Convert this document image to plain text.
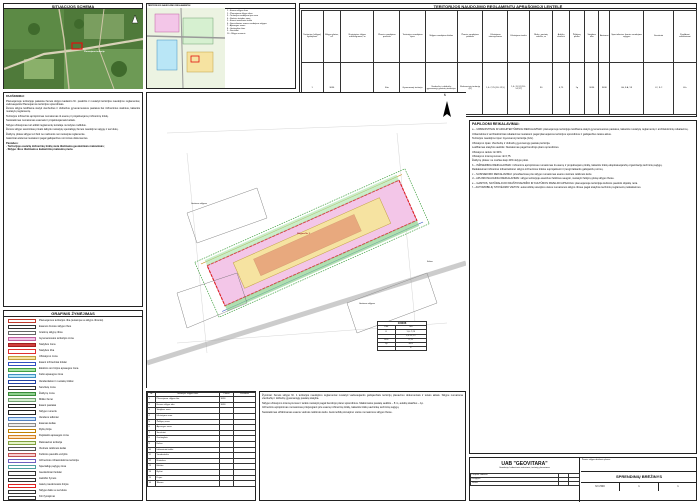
SITUACIJOS SCHEMA
Planuojama teritorija
TERITORIJOS NAUDOJIMO REGLAMENTAI
1 - Esama sklypo ribos
2 - Planuojamo sklypo ribos
3 - Teritorijos naudojimo tipo zona
4 - Statiniu statybos zona
5 - Esami inzineriniai tinklai
6 - Specialiosios zemes naudojimo salygos
7 - Apsaugos zonos
8 - Gretimybiu ribos
9 - Servitutai
10 - Sklypo numeris
TERITORIJOS NAUDOJIMO REGLAMENTŲ APRAŠOMOJI LENTELĖ
Teritorijos (sklypo) žymėjimas	Sklypo plotas, m²	Nustatytas sklypo aukštingumas, m	Žemės naudojimo paskirtis	Teritorijos naudojimo tipas	Sklypo naudojimo būdas	Žemės naudojimo pobūdis	Užstatymo intensyvumas	Užstatymo tankis	Maks. pastatų aukštis, m	Aukštų skaičius	Želdynų plotas	Statybos riba	Atstumai	Specialiosios žemės naudojimo sąlygos	Servitutai	Papildomi reikalavimai
1	3036		Kita	Gyvenamoji teritorija	Vienbučių ir dvibučių gyvenamųjų pastatų teritorijos	Rekreacinių teritorijų (R)	1,6–7,25 (18–12,5)	1,6–11,12 (18–14,37)	30	0,75	1p	3036	3036	I.A, II.A, VII	I.C, II.C	K/a
PAAIŠKINIMAI:
Planuojamoje teritorijoje pakeista žemės sklypo kadastro Nr. paskirtis ir nustatyti teritorijos naudojimo reglamentai, vadovaujantis Planuojamos teritorijos sprendiniais.
Žemės sklype leidžiama statyti vienbučius ir dvibučius gyvenamuosius pastatus bei inžinerinius statinius, laikantis nustatytų reglamentų.
Teritorijos inžinerinis aprūpinimas numatomas iš esamų ir projektuojamų inžinerinių tinklų.
Susisiekimas numatomas esamais ir projektuojamais keliais.
Sklypo užstatymas turi atitikti reglamentų lentelėje nurodytus rodiklius.
Žemės sklypo savininkas privalo laikytis nustatytų specialiųjų žemės naudojimo sąlygų ir servitutų.
Želdynų plotas sklype turi būti ne mažesnis nei nustatyta reglamente.
Gaisriniai atstumai nustatomi pagal galiojančius norminius dokumentus.
Pastabos:
- Teritorijoje esančių inžinerinių tinklų vieta tikslinama geodeziniais matavimais;
- Sklypo ribos tikslinamos kadastrinių matavimų metu.
GRAFINIS ŽYMĖJIMAS
Planuojamos teritorijos riba (sutampa su sklypo ribomis)
Esamos žemės sklypo ribos
Gretimų sklypų ribos
Gyvenamosios teritorijos zona
Statybos zona
Statybos riba
Užstatymo zona
Esami inžineriniai tinklai
Elektros oro linijos apsaugos zona
Kelio apsaugos zona
Vandentiekio ir nuotekų tinklai
Servitutų zona
Želdynų zona
Miško žemė
Esami pastatai
Sklypo numeris
Vandens telkiniai
Esamas kelias
Ryšių linija
Dujotiekio apsaugos zona
Rekreacinė teritorija
Vietinės reikšmės keliai
Kultūros paveldo vertybė
Inžinerinės infrastruktūros teritorija
Specialiųjų sąlygų zona
Geodeziniai ženklai
Aukščio žymės
Gatvių raudonosios linijos
Sklypo dalis su servitutu
Kiti žymėjimai
Š
Gretimas sklypas
Gretimas sklypas
Sklypas Nr. 1
Kelias
1/3036	
Kita	GG
K	1,6–7,25
	1,6–11,12
30%	0,75
1p	40%
	8
PAPILDOMI REIKALAVIMAI:
a – URBANISTINIAI IR ARCHITEKTŪRINIAI REIKALAVIMAI: planuojamoje teritorijoje leidžiama statyti gyvenamuosius pastatus, laikantis nustatytų reglamentų ir architektūrinių reikalavimų.
Urbanistiniai ir architektūriniai reikalavimai nustatomi pagal planuojamos teritorijos sprendinius ir galiojančius teisės aktus.
Teritorijos naudojimo tipai: Gyvenamoji teritorija (GG).
Užstatymo tipas: Vienbučių ir dvibučių gyvenamųjų pastatų teritorija.
Leidžiamas statybos aukštis: Nustatomas pagal bendrojo plano sprendinius.
Užstatymo tankis: iki 30%.
Užstatymo intensyvumas: iki 0,75.
Želdynų plotas: ne mažiau kaip 40% sklypo ploto.
b – INŽINERINIAI REIKALAVIMAI: inžinerinis aprūpinimas numatomas iš esamų ir projektuojamų tinklų, laikantis tinklų eksploatuojančių organizacijų techninių sąlygų.
Reikalavimai inžinerinei infrastruktūrai: sklypo inžinerinius tinklus suprojektuoti ir įrengti laikantis galiojančių normų.
c – SUSISIEKIMO REIKALAVIMAI: privažiavimas prie sklypo numatomas esamu vietinės reikšmės keliu.
d – APLINKOSAUGINIAI REIKALAVIMAI: sklypo teritorijoje esančius želdinius saugoti, nustatyti želdynų plotą sklypo ribose.
e – GAMTOS, NATŪRALIOJO KRAŠTOVAIZDŽIO IR KULTŪROS PAVELDO APSAUGA: planuojamoje teritorijoje kultūros paveldo objektų nėra.
f – AUTOMOBILIŲ STOVĖJIMO VIETOS: automobilių stovėjimo vietos numatomos sklypo ribose pagal statybos techninių reglamentų reikalavimus.
Nr.	Teritorijos sklypo ribos	Plotas	Pastabos
1	Planuojamo sklypo riba	3036	
2	Esamo sklypo riba	3036	
3	Statybos zona		
4	Užstatymo zona		
5	Želdynų zona		
6	Apsaugos zona		
7	Servitutai		
8	Gretimybės		
9	Kelias		
10	Inžineriniai tinklai		
11	Vandentiekis		
12	Nuotekos		
13	Elektra		
14	Ryšiai		
15	Dujos		
16	Šiluma		
Žyminiai: žemės sklypo Nr. 1 teritorijos naudojimo reglamentai nustatyti vadovaujantis galiojančiais teritorijų planavimo dokumentais ir teisės aktais. Sklype numatoma vienbučių ir dvibučių gyvenamųjų pastatų statyba.
Sklypo užstatymo intensyvumas ir tankis nustatyti pagal bendrojo plano sprendinius. Maksimalus pastatų aukštis – 8 m, aukštų skaičius – 1p.
Inžinerinis aprūpinimas numatomas prisijungiant prie esamų inžinerinių tinklų, laikantis tinklų savininkų techninių sąlygų.
Susisiekimas užtikrinamas esamu vietinės reikšmės keliu. Automobilių stovėjimo vietos numatomos sklypo ribose.
UAB "GEOVITARA"
Geodezija, kadastriniai matavimai, teritorijų planavimas
Projekto vadovas		
Rengėjas		
Tikrino		
Žemės sklypo detalusis planas
SPRENDINIŲ BRĖŽINYS
M 1:500	1	1
